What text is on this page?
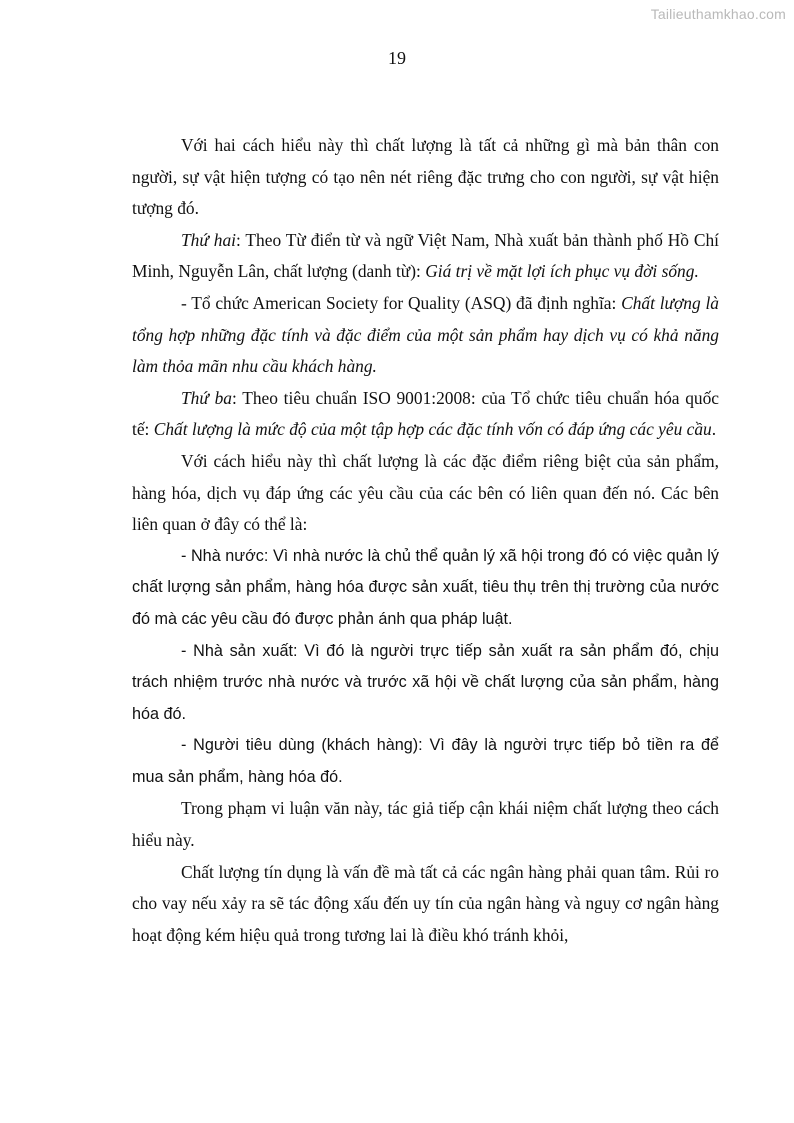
Tailieuthamkhao.com
19

Với hai cách hiểu này thì chất lượng là tất cả những gì mà bản thân con người, sự vật hiện tượng có tạo nên nét riêng đặc trưng cho con người, sự vật hiện tượng đó.

Thứ hai: Theo Từ điển từ và ngữ Việt Nam, Nhà xuất bản thành phố Hồ Chí Minh, Nguyễn Lân, chất lượng (danh từ): Giá trị về mặt lợi ích phục vụ đời sống.

- Tổ chức American Society for Quality (ASQ) đã định nghĩa: Chất lượng là tổng hợp những đặc tính và đặc điểm của một sản phẩm hay dịch vụ có khả năng làm thỏa mãn nhu cầu khách hàng.

Thứ ba: Theo tiêu chuẩn ISO 9001:2008: của Tổ chức tiêu chuẩn hóa quốc tế: Chất lượng là mức độ của một tập hợp các đặc tính vốn có đáp ứng các yêu cầu.

Với cách hiểu này thì chất lượng là các đặc điểm riêng biệt của sản phẩm, hàng hóa, dịch vụ đáp ứng các yêu cầu của các bên có liên quan đến nó. Các bên liên quan ở đây có thể là:

- Nhà nước: Vì nhà nước là chủ thể quản lý xã hội trong đó có việc quản lý chất lượng sản phẩm, hàng hóa được sản xuất, tiêu thụ trên thị trường của nước đó mà các yêu cầu đó được phản ánh qua pháp luật.

- Nhà sản xuất: Vì đó là người trực tiếp sản xuất ra sản phẩm đó, chịu trách nhiệm trước nhà nước và trước xã hội về chất lượng của sản phẩm, hàng hóa đó.

- Người tiêu dùng (khách hàng): Vì đây là người trực tiếp bỏ tiền ra để mua sản phẩm, hàng hóa đó.

Trong phạm vi luận văn này, tác giả tiếp cận khái niệm chất lượng theo cách hiểu này.

Chất lượng tín dụng là vấn đề mà tất cả các ngân hàng phải quan tâm. Rủi ro cho vay nếu xảy ra sẽ tác động xấu đến uy tín của ngân hàng và nguy cơ ngân hàng hoạt động kém hiệu quả trong tương lai là điều khó tránh khỏi,
